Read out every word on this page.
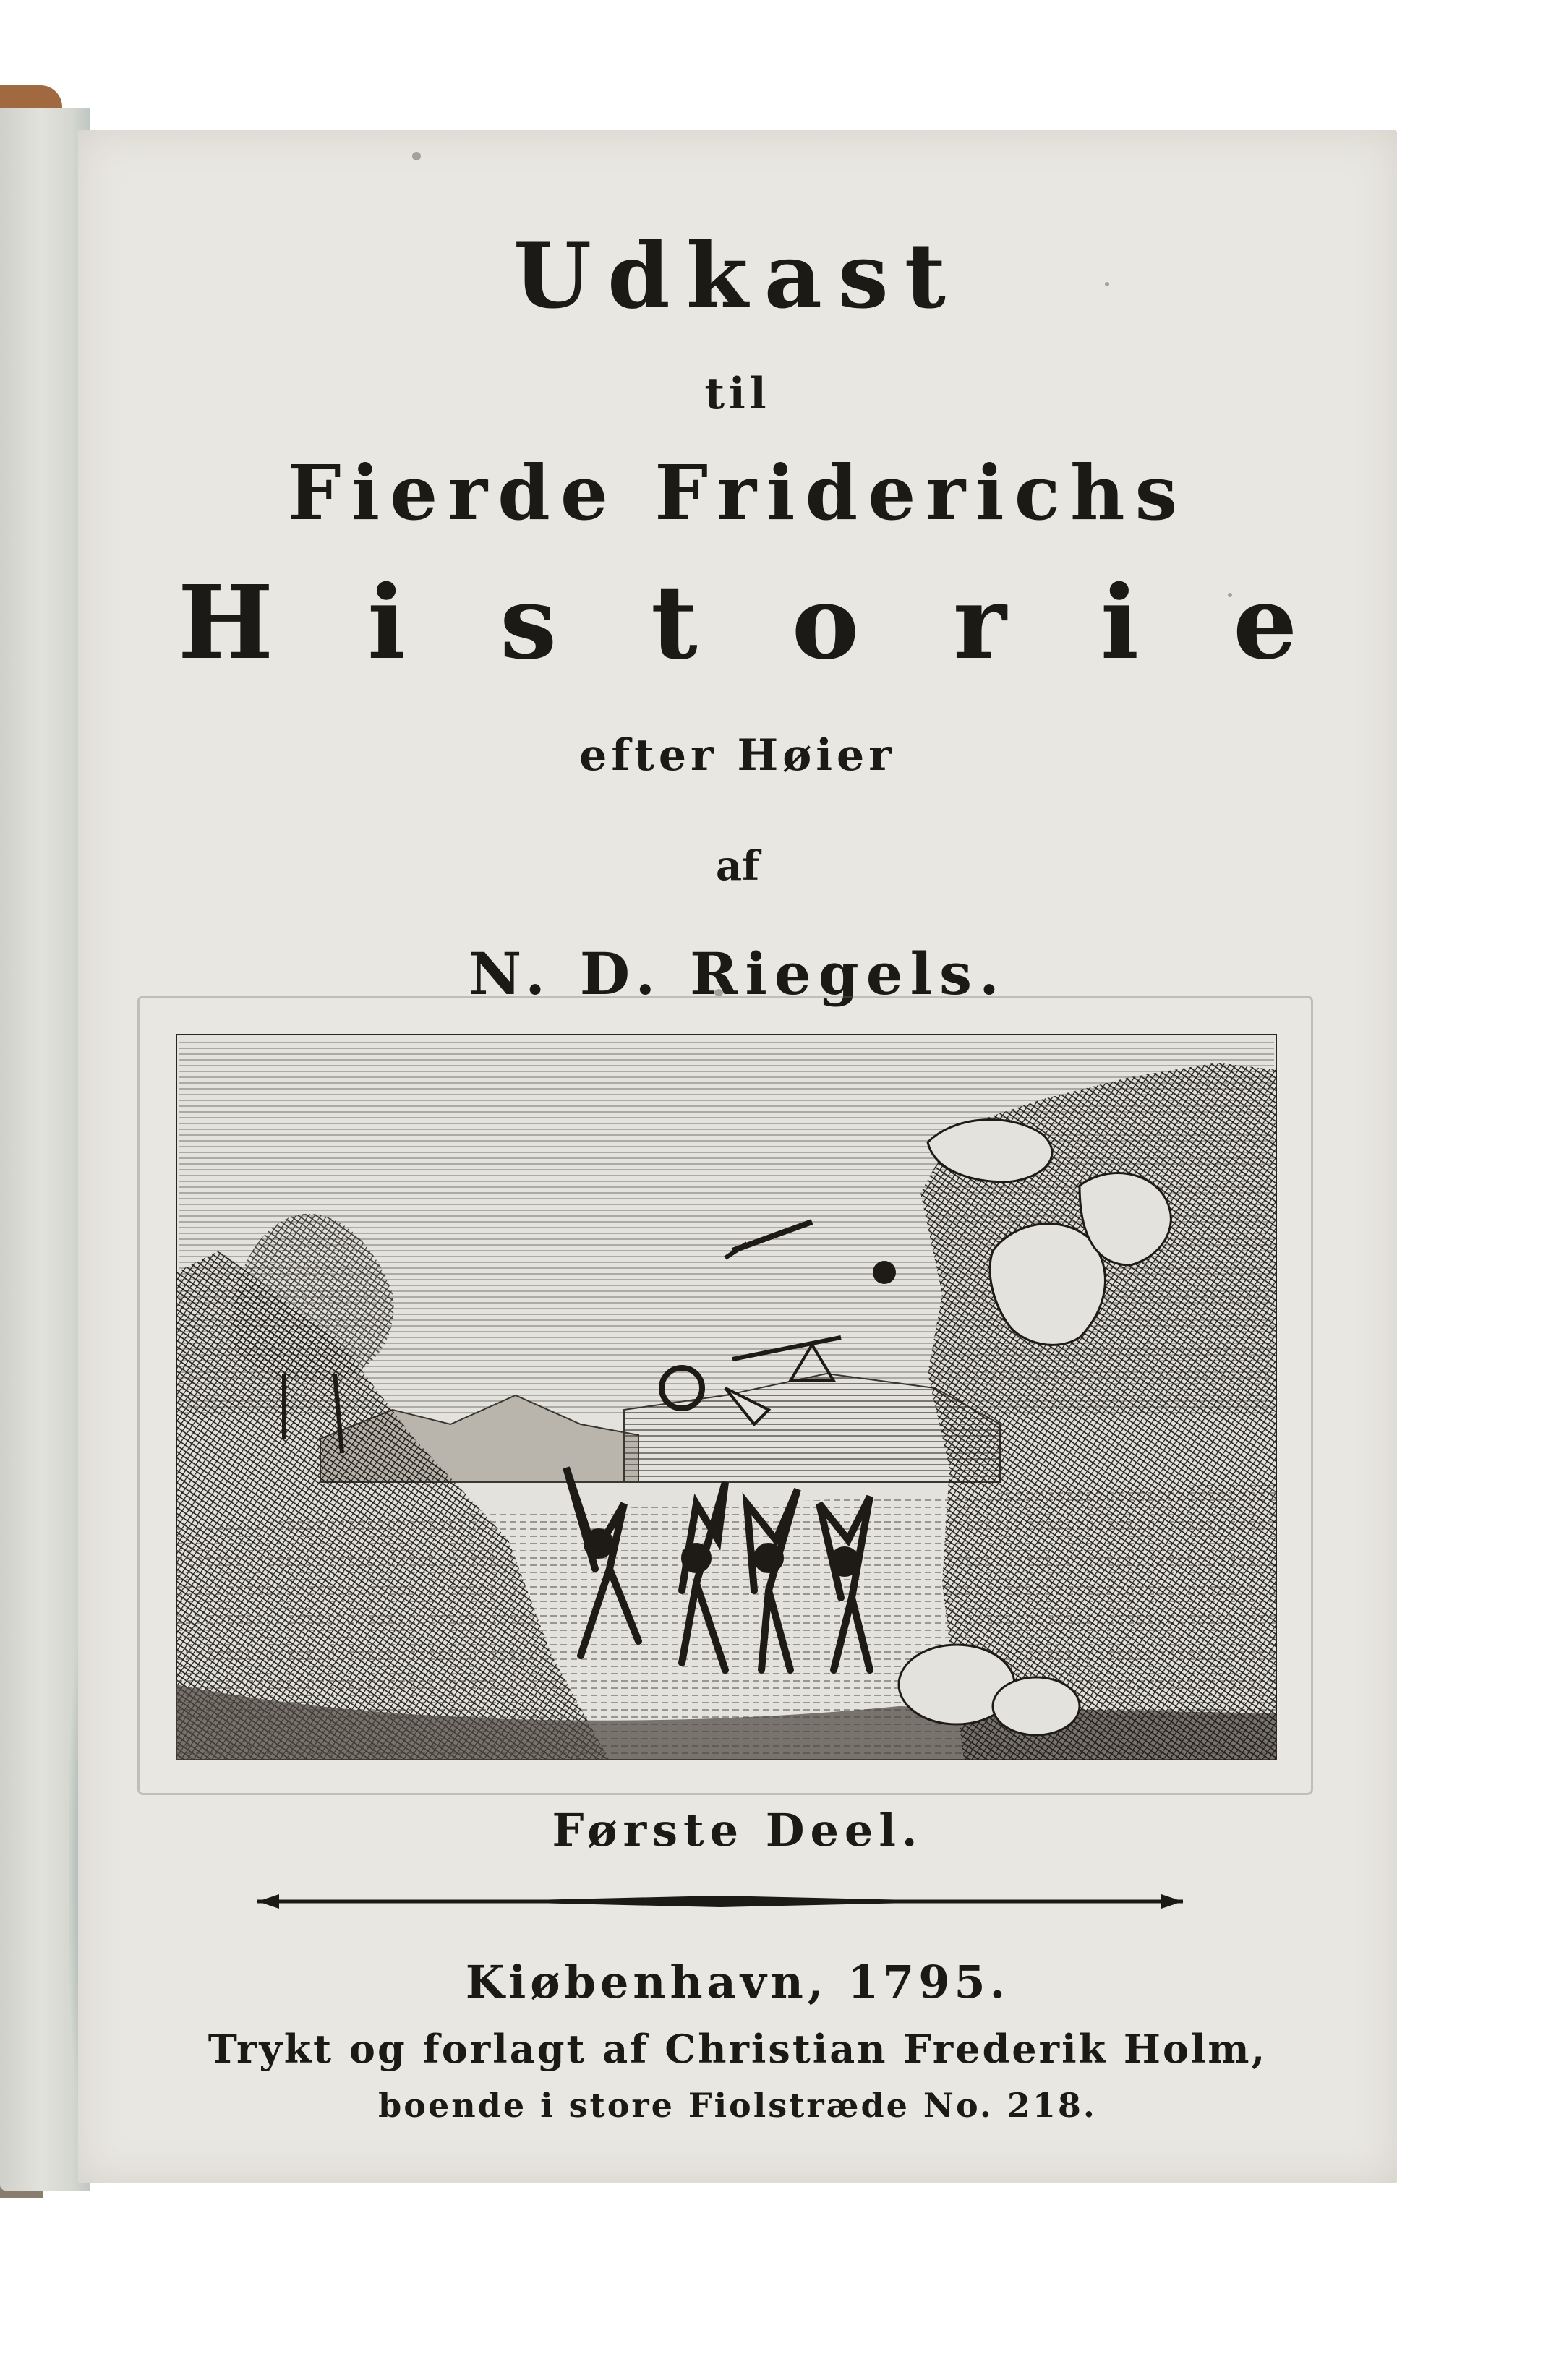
Udkast
til
Fierde Friderichs
Historie
efter Høier
af
N. D. Riegels.
Første Deel.
Kiøbenhavn, 1795.
Trykt og forlagt af Christian Frederik Holm,
boende i store Fiolstræde No. 218.
